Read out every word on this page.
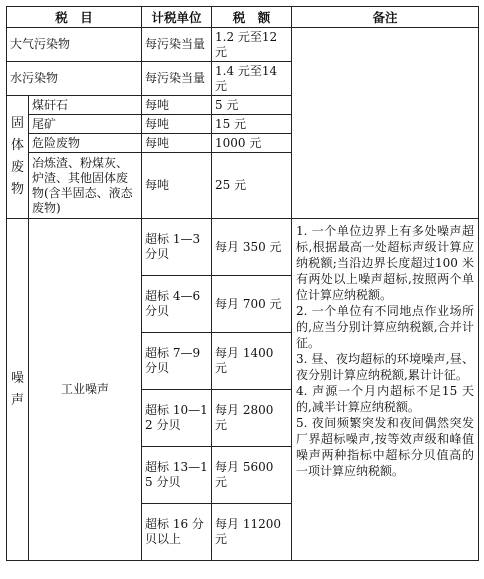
税　目		计税单位	税　额	备注
大气污染物		每污染当量	1.2 元至12 元	
水污染物		每污染当量	1.4 元至14 元	
固体废物	煤矸石	每吨	5 元	
	尾矿	每吨	15 元	
	危险废物	每吨	1000 元	
	冶炼渣、粉煤灰、炉渣、其他固体废物(含半固态、液态废物)	每吨	25 元	
噪声	工业噪声	超标 1—3 分贝	每月 350 元	1. 一个单位边界上有多处噪声超标,根据最高一处超标声级计算应纳税额;当沿边界长度超过100 米有两处以上噪声超标,按照两个单位计算应纳税额。
2. 一个单位有不同地点作业场所的,应当分别计算应纳税额,合并计征。
3. 昼、夜均超标的环境噪声,昼、夜分别计算应纳税额,累计计征。
4. 声源一个月内超标不足15 天的,减半计算应纳税额。
5. 夜间频繁突发和夜间偶然突发厂界超标噪声,按等效声级和峰值噪声两种指标中超标分贝值高的一项计算应纳税额。

		超标 4—6 分贝	每月 700 元	
		超标 7—9 分贝	每月 1400 元	
		超标 10—12 分贝	每月 2800 元	
		超标 13—15 分贝	每月 5600 元	
		超标 16 分贝以上	每月 11200 元	
